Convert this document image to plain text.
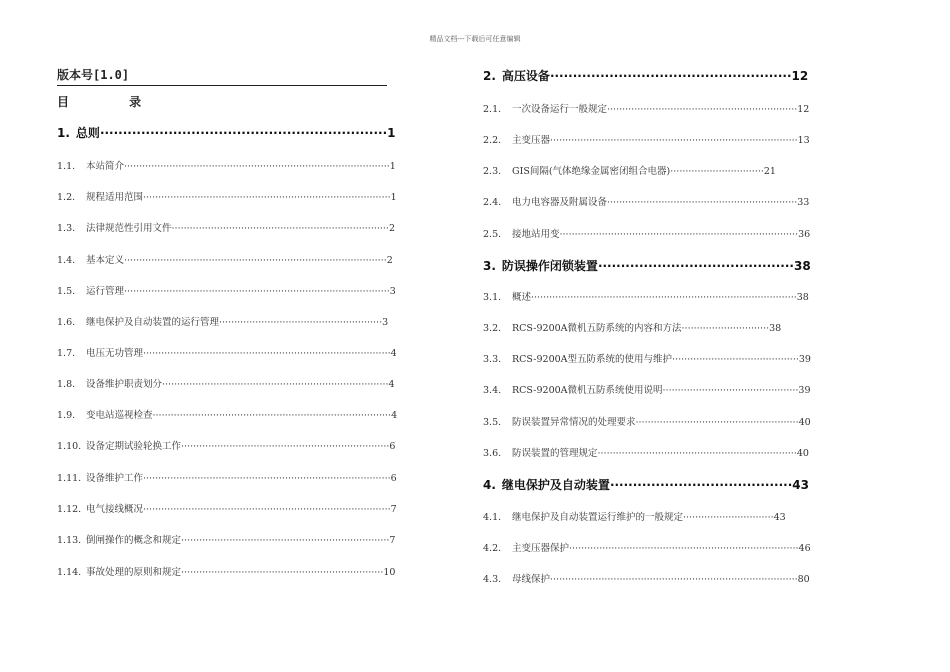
精品文档---下载后可任意编辑
版本号[1.0]
目 录
1. 总则·······························································1
1.1. 本站简介························································································1
1.2. 规程适用范围··················································································1
1.3. 法律规范性引用文件········································································2
1.4. 基本定义·······················································································2
1.5. 运行管理························································································3
1.6. 继电保护及自动装置的运行管理······················································3
1.7. 电压无功管理··················································································4
1.8. 设备维护职责划分···········································································4
1.9. 变电站巡视检查···············································································4
1.10. 设备定期试验轮换工作·····································································6
1.11. 设备维护工作··················································································6
1.12. 电气接线概况··················································································7
1.13. 倒闸操作的概念和规定·····································································7
1.14. 事故处理的原则和规定···································································10
2. 高压设备·····················································12
2.1. 一次设备运行一般规定·······························································12
2.2. 主变压器··················································································13
2.3. GIS间隔(气体绝缘金属密闭组合电器)·······························21
2.4. 电力电容器及附属设备·······························································33
2.5. 接地站用变···············································································36
3. 防误操作闭锁装置···········································38
3.1. 概述························································································38
3.2. RCS-9200A微机五防系统的内容和方法·····························38
3.3. RCS-9200A型五防系统的使用与维护··········································39
3.4. RCS-9200A微机五防系统使用说明·············································39
3.5. 防误装置异常情况的处理要求······················································40
3.6. 防误装置的管理规定··································································40
4. 继电保护及自动装置········································43
4.1. 继电保护及自动装置运行维护的一般规定······························43
4.2. 主变压器保护············································································46
4.3. 母线保护··················································································80
